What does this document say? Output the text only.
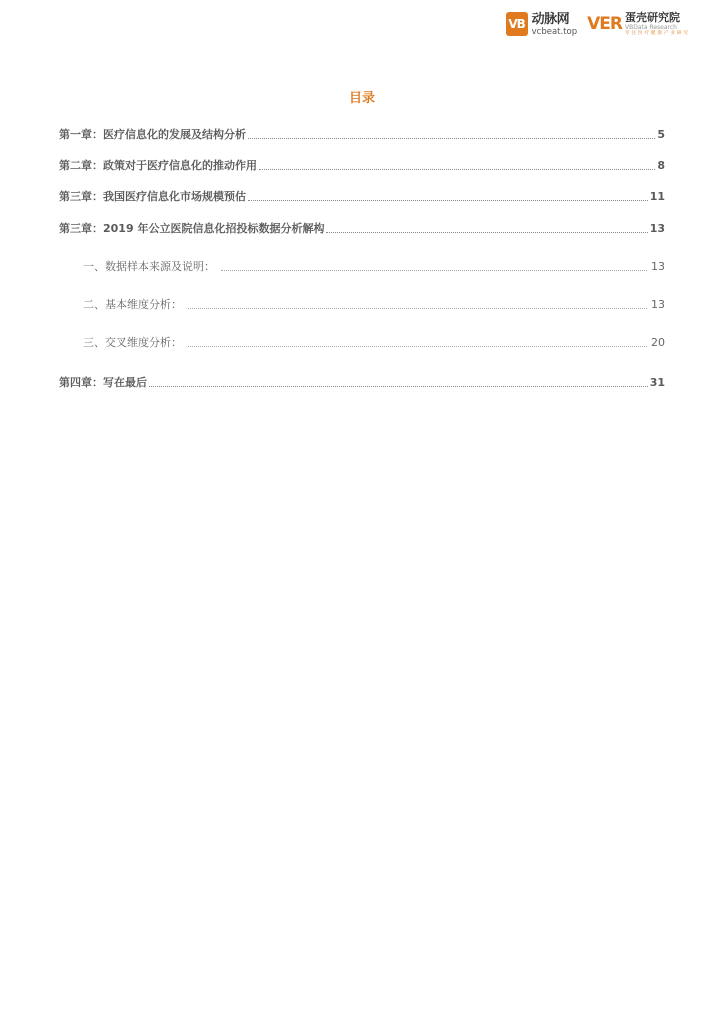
VB 动脉网
vcbeat.top VER 蛋壳研究院
VBData Research
专注医疗健康产业研究
目录
第一章：医疗信息化的发展及结构分析	5
第二章：政策对于医疗信息化的推动作用	8
第三章：我国医疗信息化市场规模预估	11
第三章：2019 年公立医院信息化招投标数据分析解构	13
一、数据样本来源及说明：	13
二、基本维度分析：	13
三、交叉维度分析：	20
第四章：写在最后	31
